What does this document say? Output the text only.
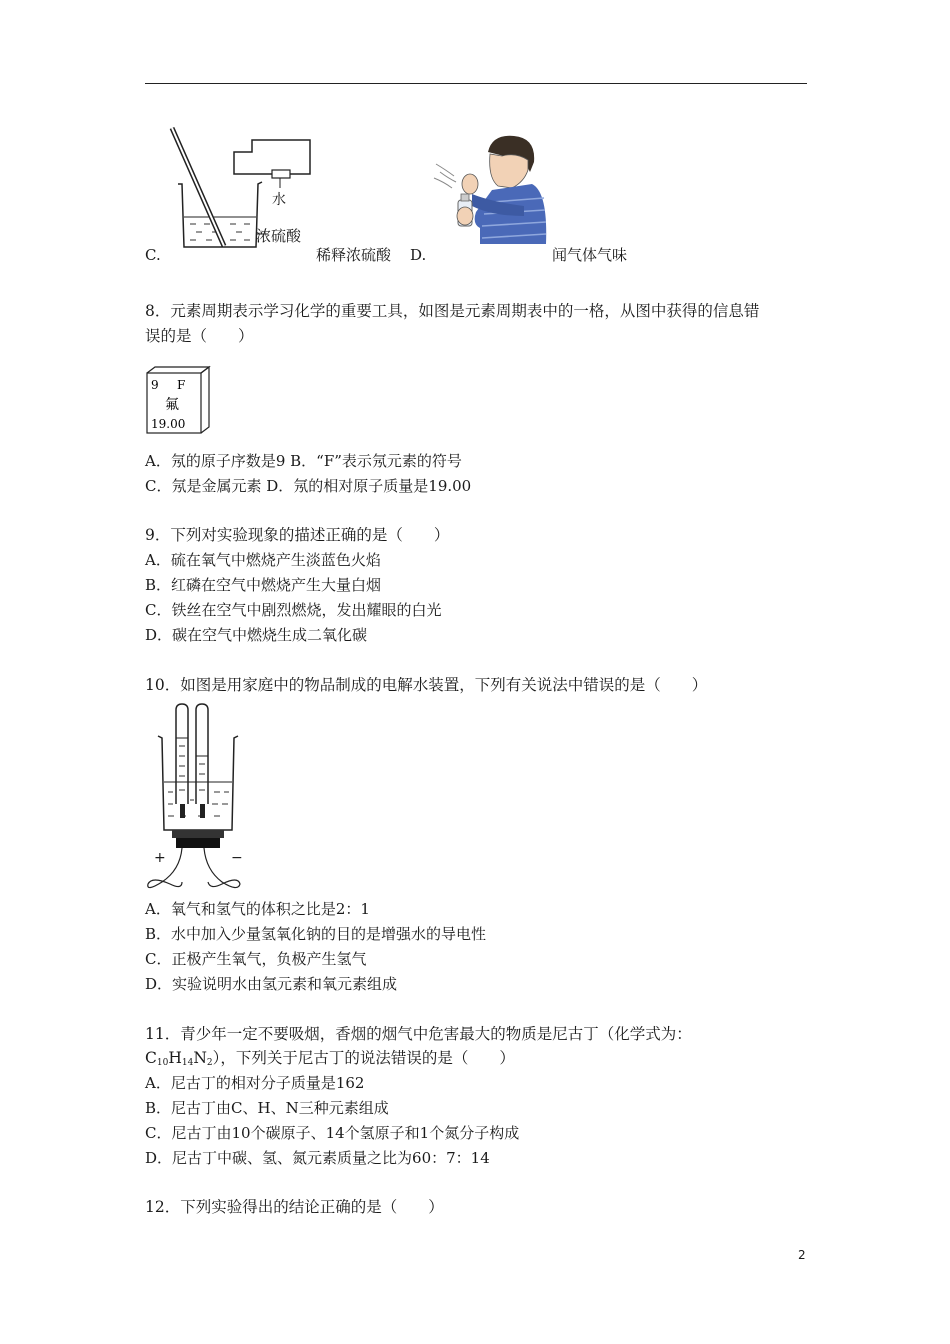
水
浓硫酸
C.	稀释浓硫酸 D.	闻气体气味
8．元素周期表示学习化学的重要工具，如图是元素周期表中的一格，从图中获得的信息错
误的是（　　）
9 F
氟
19.00
A．氖的原子序数是9 B．“F”表示氖元素的符号
C．氖是金属元素 D．氖的相对原子质量是19.00
9．下列对实验现象的描述正确的是（　　）
A．硫在氧气中燃烧产生淡蓝色火焰
B．红磷在空气中燃烧产生大量白烟
C．铁丝在空气中剧烈燃烧，发出耀眼的白光
D．碳在空气中燃烧生成二氧化碳
10．如图是用家庭中的物品制成的电解水装置，下列有关说法中错误的是（　　）
+	−
A．氧气和氢气的体积之比是2：1
B．水中加入少量氢氧化钠的目的是增强水的导电性
C．正极产生氧气，负极产生氢气
D．实验说明水由氢元素和氧元素组成
11．青少年一定不要吸烟，香烟的烟气中危害最大的物质是尼古丁（化学式为：
$C_{10}H_{14}N_2$），下列关于尼古丁的说法错误的是（　　）
A．尼古丁的相对分子质量是162
B．尼古丁由C、H、N三种元素组成
C．尼古丁由10个碳原子、14个氢原子和1个氮分子构成
D．尼古丁中碳、氢、氮元素质量之比为60：7：14
12．下列实验得出的结论正确的是（　　）
2
